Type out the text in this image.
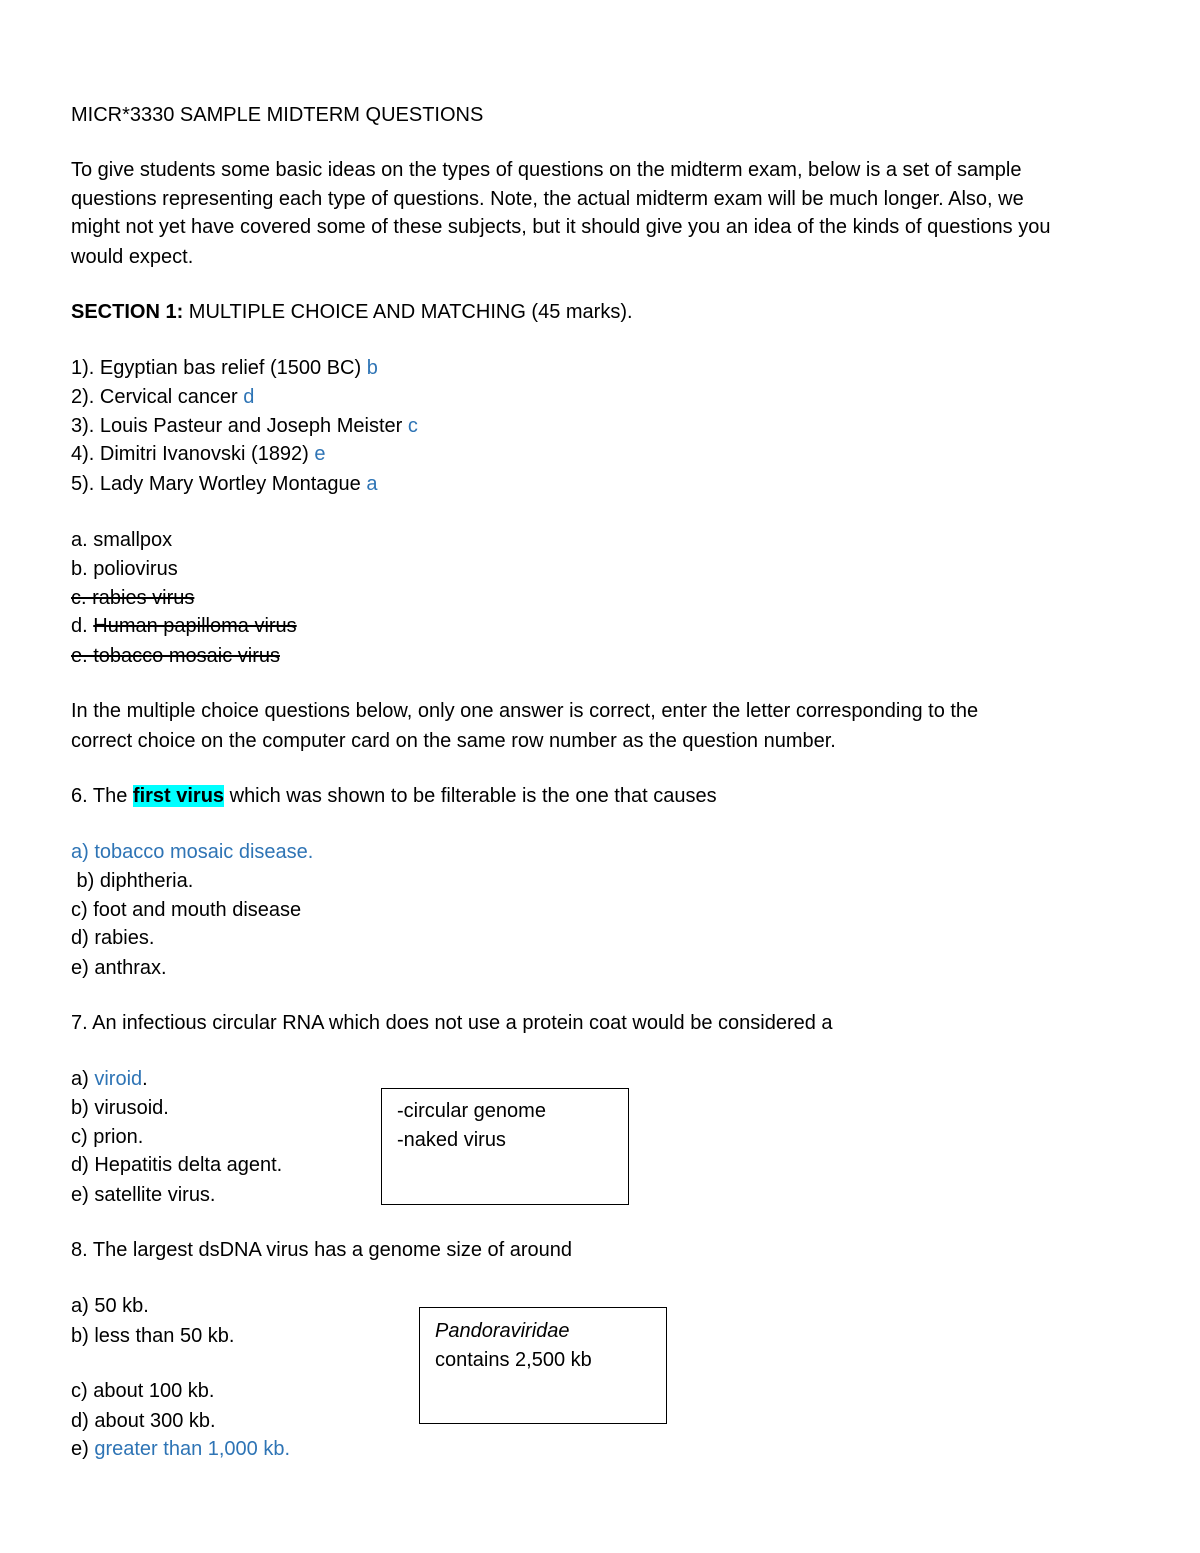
MICR*3330 SAMPLE MIDTERM QUESTIONS
To give students some basic ideas on the types of questions on the midterm exam, below is a set of sample
questions representing each type of questions. Note, the actual midterm exam will be much longer. Also, we
might not yet have covered some of these subjects, but it should give you an idea of the kinds of questions you
would expect.
SECTION 1: MULTIPLE CHOICE AND MATCHING (45 marks).
1). Egyptian bas relief (1500 BC) b
2). Cervical cancer d
3). Louis Pasteur and Joseph Meister c
4). Dimitri Ivanovski (1892) e
5). Lady Mary Wortley Montague a
a. smallpox
b. poliovirus
c. rabies virus
d. Human papilloma virus
e. tobacco mosaic virus
In the multiple choice questions below, only one answer is correct, enter the letter corresponding to the
correct choice on the computer card on the same row number as the question number.
6. The first virus which was shown to be filterable is the one that causes
a) tobacco mosaic disease.
b) diphtheria.
c) foot and mouth disease
d) rabies.
e) anthrax.
7. An infectious circular RNA which does not use a protein coat would be considered a
a) viroid.
b) virusoid.
c) prion.
d) Hepatitis delta agent.
e) satellite virus.
-circular genome
-naked virus
8. The largest dsDNA virus has a genome size of around
a) 50 kb.
b) less than 50 kb.
c) about 100 kb.
d) about 300 kb.
e) greater than 1,000 kb.
Pandoraviridae
contains 2,500 kb
